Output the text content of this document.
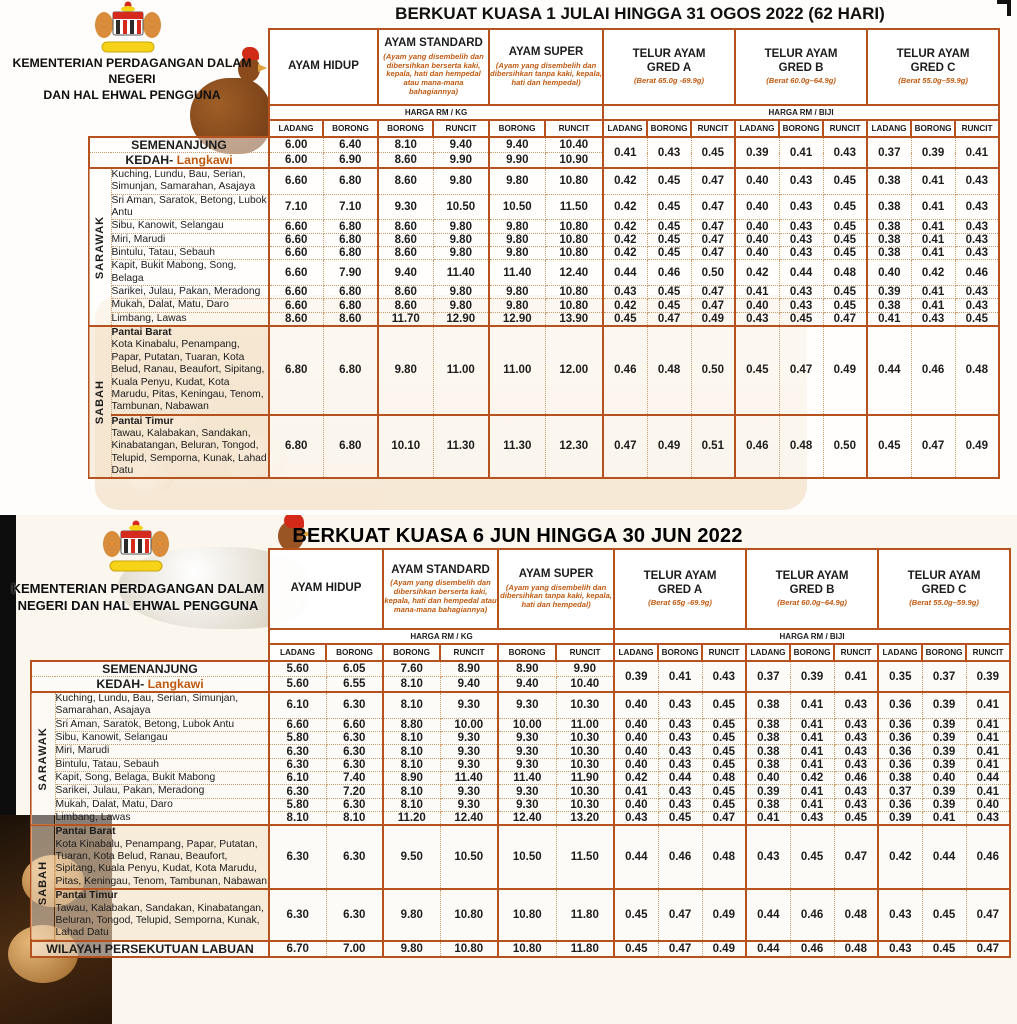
BERKUAT KUASA 1 JULAI HINGGA 31 OGOS 2022 (62 HARI)
KEMENTERIAN PERDAGANGAN DALAM NEGERI
DAN HAL EHWAL PENGGUNA

AYAM HIDUP

AYAM STANDARD
(Ayam yang disembelih dan dibersihkan berserta kaki, kepala, hati dan hempedal atau mana-mana bahagiannya)

AYAM SUPER
(Ayam yang disembelih dan dibersihkan tanpa kaki, kepala, hati dan hempedal)

TELUR AYAM
GRED A
(Berat 65.0g -69.9g)

TELUR AYAM
GRED B
(Berat 60.0g–64.9g)

TELUR AYAM
GRED C
(Berat 55.0g–59.9g)

		HARGA RM / KG						HARGA RM / BIJI								
		LADANG	BORONG	BORONG	RUNCIT	BORONG	RUNCIT	LADANG	BORONG	RUNCIT	LADANG	BORONG	RUNCIT	LADANG	BORONG	RUNCIT
SEMENANJUNG		6.00	6.40	8.10	9.40	9.40	10.40	0.41	0.43	0.45	0.39	0.41	0.43	0.37	0.39	0.41
KEDAH- Langkawi		6.00	6.90	8.60	9.90	9.90	10.90									
SARAWAK	Kuching, Lundu, Bau, Serian, Simunjan, Samarahan, Asajaya	6.60	6.80	8.60	9.80	9.80	10.80	0.42	0.45	0.47	0.40	0.43	0.45	0.38	0.41	0.43
	Sri Aman, Saratok, Betong, Lubok Antu	7.10	7.10	9.30	10.50	10.50	11.50	0.42	0.45	0.47	0.40	0.43	0.45	0.38	0.41	0.43
	Sibu, Kanowit, Selangau	6.60	6.80	8.60	9.80	9.80	10.80	0.42	0.45	0.47	0.40	0.43	0.45	0.38	0.41	0.43
	Miri, Marudi	6.60	6.80	8.60	9.80	9.80	10.80	0.42	0.45	0.47	0.40	0.43	0.45	0.38	0.41	0.43
	Bintulu, Tatau, Sebauh	6.60	6.80	8.60	9.80	9.80	10.80	0.42	0.45	0.47	0.40	0.43	0.45	0.38	0.41	0.43
	Kapit, Bukit Mabong, Song, Belaga	6.60	7.90	9.40	11.40	11.40	12.40	0.44	0.46	0.50	0.42	0.44	0.48	0.40	0.42	0.46
	Sarikei, Julau, Pakan, Meradong	6.60	6.80	8.60	9.80	9.80	10.80	0.43	0.45	0.47	0.41	0.43	0.45	0.39	0.41	0.43
	Mukah, Dalat, Matu, Daro	6.60	6.80	8.60	9.80	9.80	10.80	0.42	0.45	0.47	0.40	0.43	0.45	0.38	0.41	0.43
	Limbang, Lawas	8.60	8.60	11.70	12.90	12.90	13.90	0.45	0.47	0.49	0.43	0.45	0.47	0.41	0.43	0.45
SABAH	Pantai Barat
Kota Kinabalu, Penampang, Papar, Putatan, Tuaran, Kota Belud, Ranau, Beaufort, Sipitang, Kuala Penyu, Kudat, Kota Marudu, Pitas, Keningau, Tenom, Tambunan, Nabawan	6.80	6.80	9.80	11.00	11.00	12.00	0.46	0.48	0.50	0.45	0.47	0.49	0.44	0.46	0.48

	Pantai Timur
Tawau, Kalabakan, Sandakan, Kinabatangan, Beluran, Tongod, Telupid, Semporna, Kunak, Lahad Datu	6.80	6.80	10.10	11.30	11.30	12.30	0.47	0.49	0.51	0.46	0.48	0.50	0.45	0.47	0.49
BERKUAT KUASA 6 JUN HINGGA 30 JUN 2022
KEMENTERIAN PERDAGANGAN DALAM
NEGERI DAN HAL EHWAL PENGGUNA

AYAM HIDUP

AYAM STANDARD
(Ayam yang disembelih dan dibersihkan berserta kaki, kepala, hati dan hempedal atau mana-mana bahagiannya)

AYAM SUPER
(Ayam yang disembelih dan dibersihkan tanpa kaki, kepala, hati dan hempedal)

TELUR AYAM
GRED A
(Berat 65g -69.9g)

TELUR AYAM
GRED B
(Berat 60.0g–64.9g)

TELUR AYAM
GRED C
(Berat 55.0g–59.9g)

		HARGA RM / KG						HARGA RM / BIJI								
		LADANG	BORONG	BORONG	RUNCIT	BORONG	RUNCIT	LADANG	BORONG	RUNCIT	LADANG	BORONG	RUNCIT	LADANG	BORONG	RUNCIT
SEMENANJUNG		5.60	6.05	7.60	8.90	8.90	9.90	0.39	0.41	0.43	0.37	0.39	0.41	0.35	0.37	0.39
KEDAH- Langkawi		5.60	6.55	8.10	9.40	9.40	10.40									
SARAWAK	Kuching, Lundu, Bau, Serian, Simunjan, Samarahan, Asajaya	6.10	6.30	8.10	9.30	9.30	10.30	0.40	0.43	0.45	0.38	0.41	0.43	0.36	0.39	0.41
	Sri Aman, Saratok, Betong, Lubok Antu	6.60	6.60	8.80	10.00	10.00	11.00	0.40	0.43	0.45	0.38	0.41	0.43	0.36	0.39	0.41
	Sibu, Kanowit, Selangau	5.80	6.30	8.10	9.30	9.30	10.30	0.40	0.43	0.45	0.38	0.41	0.43	0.36	0.39	0.41
	Miri, Marudi	6.30	6.30	8.10	9.30	9.30	10.30	0.40	0.43	0.45	0.38	0.41	0.43	0.36	0.39	0.41
	Bintulu, Tatau, Sebauh	6.30	6.30	8.10	9.30	9.30	10.30	0.40	0.43	0.45	0.38	0.41	0.43	0.36	0.39	0.41
	Kapit, Song, Belaga, Bukit Mabong	6.10	7.40	8.90	11.40	11.40	11.90	0.42	0.44	0.48	0.40	0.42	0.46	0.38	0.40	0.44
	Sarikei, Julau, Pakan, Meradong	6.30	7.20	8.10	9.30	9.30	10.30	0.41	0.43	0.45	0.39	0.41	0.43	0.37	0.39	0.41
	Mukah, Dalat, Matu, Daro	5.80	6.30	8.10	9.30	9.30	10.30	0.40	0.43	0.45	0.38	0.41	0.43	0.36	0.39	0.40
	Limbang, Lawas	8.10	8.10	11.20	12.40	12.40	13.20	0.43	0.45	0.47	0.41	0.43	0.45	0.39	0.41	0.43
SABAH	Pantai Barat
Kota Kinabalu, Penampang, Papar, Putatan, Tuaran, Kota Belud, Ranau, Beaufort, Sipitang, Kuala Penyu, Kudat, Kota Marudu, Pitas, Keningau, Tenom, Tambunan, Nabawan	6.30	6.30	9.50	10.50	10.50	11.50	0.44	0.46	0.48	0.43	0.45	0.47	0.42	0.44	0.46

	Pantai Timur
Tawau, Kalabakan, Sandakan, Kinabatangan, Beluran, Tongod, Telupid, Semporna, Kunak, Lahad Datu	6.30	6.30	9.80	10.80	10.80	11.80	0.45	0.47	0.49	0.44	0.46	0.48	0.43	0.45	0.47
WILAYAH PERSEKUTUAN LABUAN		6.70	7.00	9.80	10.80	10.80	11.80	0.45	0.47	0.49	0.44	0.46	0.48	0.43	0.45	0.47
